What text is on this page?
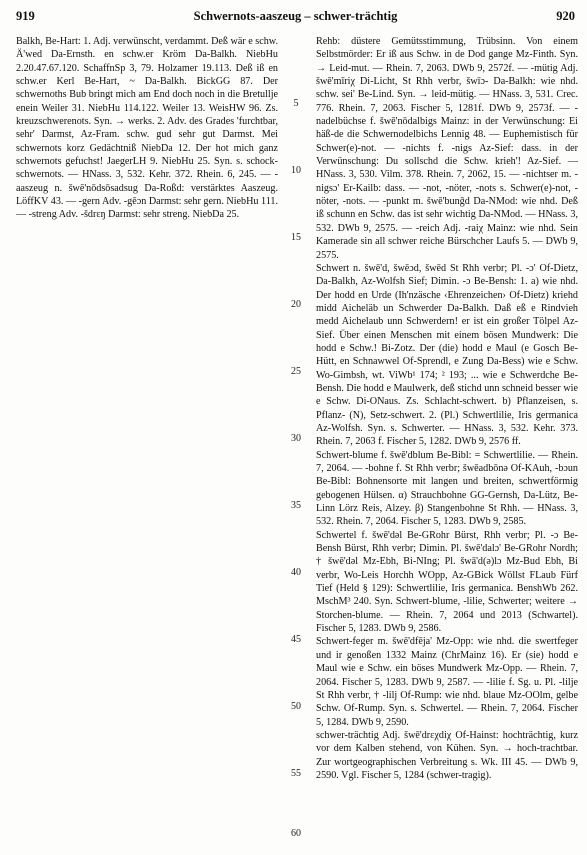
919	Schwernots-aaszeug – schwer-trächtig	920

Balkh, Be-Hart: 1. Adj. verwünscht, verdammt. Deß wär e schw. Ä'wed Da-Ernsth. en schw.er Kröm Da-Balkh. NiebHu 2.20.47.67.120. SchaffnSp 3, 79. Holzamer 19.113. Deß iß en schw.er Kerl Be-Hart, ~ Da-Balkh. BickGG 87. Der schwernoths Bub bringt mich am End doch noch in die Bretullje enein Weiler 31. NiebHu 114.122. Weiler 13. WeisHW 96. Zs. kreuzschwerenots. Syn. → werks. 2. Adv. des Grades 'furchtbar, sehr' Darmst, Az-Fram. schw. gud sehr gut Darmst. Mei schwernots korz Gedächtniß NiebDa 12. Der hot mich ganz schwernots gefuchst! JaegerLH 9. NiebHu 25. Syn. s. schock-schwernots. — HNass. 3, 532. Kehr. 372. Rhein. 6, 245. — -aaszeug n. šwē'nōdsōsadsug Da-Roßd: verstärktes Aaszeug. LöffKV 43. — -gern Adv. -gēɔn Darmst: sehr gern. NiebHu 111. — -streng Adv. -šdrɛŋ Darmst: sehr streng. NiebDa 25.

5
10
15
20
25
30
35
40
45
50
55
60

Rehb: düstere Gemütsstimmung, Trübsinn. Von einem Selbstmörder: Er iß aus Schw. in de Dod gange Mz-Finth. Syn. → Leid-mut. — Rhein. 7, 2063. DWb 9, 2572f. — -mütig Adj. šwē'mīriχ Di-Licht, St Rhh verbr, šwīɔ- Da-Balkh: wie nhd. schw. sei' Be-Lind. Syn. → leid-mütig. — HNass. 3, 531. Crec. 776. Rhein. 7, 2063. Fischer 5, 1281f. DWb 9, 2573f. — -nadelbüchse f. šwē'nōdalbigs Mainz: in der Verwünschung: Ei häß-de die Schwernodelbichs Lennig 48. — Euphemistisch für Schwer(e)-not. — -nichts f. -nigs Az-Sief: dass. in der Verwünschung: Du sollschd die Schw. krieh'! Az-Sief. — HNass. 3, 530. Vilm. 378. Rhein. 7, 2062, 15. — -nichtser m. -nigsɔ' Er-Kailb: dass. — -not, -nöter, -nots s. Schwer(e)-not, -nöter, -nots. — -punkt m. šwē'bunḡd Da-NMod: wie nhd. Deß iß schunn en Schw. das ist sehr wichtig Da-NMod. — HNass. 3, 532. DWb 9, 2575. — -reich Adj. -raiχ Mainz: wie nhd. Sein Kamerade sin all schwer reiche Bürschcher Laufs 5. — DWb 9, 2575.

Schwert n. šwē'd, šwēɔd, šwēd St Rhh verbr; Pl. -ɔ' Of-Dietz, Da-Balkh, Az-Wolfsh Sief; Dimin. -ɔ Be-Bensh: 1. a) wie nhd. Der hodd en Urde (Ih'nzäsche ‹Ehrenzeichen› Of-Dietz) kriehd midd Aicheläb un Schwerder Da-Balkh. Daß eß e Rindvieh medd Aichelaub unn Schwerdern! er ist ein großer Tölpel Az-Sief. Über einen Menschen mit einem bösen Mundwerk: Die hodd e Schw.! Bi-Zotz. Der (die) hodd e Maul (e Gosch Be-Hütt, en Schnawwel Of-Sprendl, e Zung Da-Bess) wie e Schw. Wo-Gimbsh, wt. ViWb¹ 174; ² 193; ... wie e Schwerdche Be-Bensh. Die hodd e Maulwerk, deß stichd unn schneid besser wie e Schw. Di-ONaus. Zs. Schlacht-schwert. b) Pflanzeisen, s. Pflanz- (N), Setz-schwert. 2. (Pl.) Schwertlilie, Iris germanica Az-Wolfsh. Syn. s. Schwerter. — HNass. 3, 532. Kehr. 373. Rhein. 7, 2063 f. Fischer 5, 1282. DWb 9, 2576 ff.

Schwert-blume f. šwē'dblum Be-Bibl: = Schwertlilie. — Rhein. 7, 2064. — -bohne f. St Rhh verbr; šwēadbōnə Of-KAuh, -bɔun Be-Bibl: Bohnensorte mit langen und breiten, schwertförmig gebogenen Hülsen. α) Strauchbohne GG-Gernsh, Da-Lütz, Be-Linn Lörz Reis, Alzey. β) Stangenbohne St Rhh. — HNass. 3, 532. Rhein. 7, 2064. Fischer 5, 1283. DWb 9, 2585.

Schwertel f. šwē'dəl Be-GRohr Bürst, Rhh verbr; Pl. -ɔ Be-Bensh Bürst, Rhh verbr; Dimin. Pl. šwē'dalɔ' Be-GRohr Nordh; † šwē'dəl Mz-Ebh, Bi-NIng; Pl. šwā'd(ə)lɔ Mz-Bud Ebh, Bi verbr, Wo-Leis Horchh WOpp, Az-GBick Wöllst FLaub Fürf Tief (Held § 129): Schwertlilie, Iris germanica. BenshWb 262. MschM³ 240. Syn. Schwert-blume, -lilie, Schwerter; weitere → Storchen-blume. — Rhein. 7, 2064 und 2013 (Schwartel). Fischer 5, 1283. DWb 9, 2586.

Schwert-feger m. šwē'dfēja' Mz-Opp: wie nhd. die swertfeger und ir genoßen 1332 Mainz (ChrMainz 16). Er (sie) hodd e Maul wie e Schw. ein böses Mundwerk Mz-Opp. — Rhein. 7, 2064. Fischer 5, 1283. DWb 9, 2587. — -lilie f. Sg. u. Pl. -lilje St Rhh verbr, † -lilj Of-Rump: wie nhd. blaue Mz-OOlm, gelbe Schw. Of-Rump. Syn. s. Schwertel. — Rhein. 7, 2064. Fischer 5, 1284. DWb 9, 2590.

schwer-trächtig Adj. šwē'drɛχdiχ Of-Hainst: hochträchtig, kurz vor dem Kalben stehend, von Kühen. Syn. → hoch-trachtbar. Zur wortgeographischen Verbreitung s. Wk. III 45. — DWb 9, 2590. Vgl. Fischer 5, 1284 (schwer-tragig).
